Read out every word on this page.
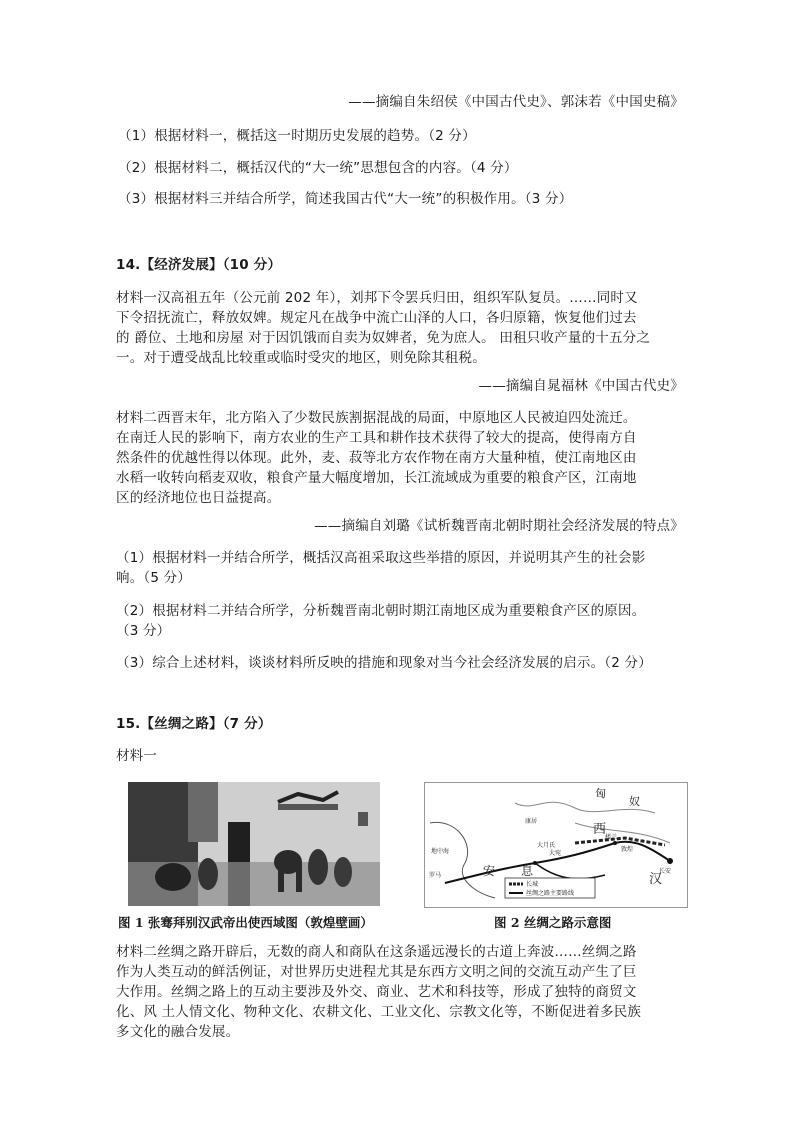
——摘编自朱绍侯《中国古代史》、郭沫若《中国史稿》
（1）根据材料一，概括这一时期历史发展的趋势。（2 分）
（2）根据材料二，概括汉代的“大一统”思想包含的内容。（4 分）
（3）根据材料三并结合所学，简述我国古代“大一统”的积极作用。（3 分）
14.【经济发展】（10 分）
材料一汉高祖五年（公元前 202 年），刘邦下令罢兵归田，组织军队复员。……同时又
下令招抚流亡，释放奴婢。规定凡在战争中流亡山泽的人口，各归原籍，恢复他们过去
的 爵位、土地和房屋 对于因饥饿而自卖为奴婢者，免为庶人。 田租只收产量的十五分之
一。对于遭受战乱比较重或临时受灾的地区，则免除其租税。
——摘编自晁福林《中国古代史》
材料二西晋末年，北方陷入了少数民族割据混战的局面，中原地区人民被迫四处流迁。
在南迁人民的影响下，南方农业的生产工具和耕作技术获得了较大的提高，使得南方自
然条件的优越性得以体现。此外，麦、菽等北方农作物在南方大量种植，使江南地区由
水稻一收转向稻麦双收，粮食产量大幅度增加，长江流域成为重要的粮食产区，江南地
区的经济地位也日益提高。
——摘编自刘璐《试析魏晋南北朝时期社会经济发展的特点》
（1）根据材料一并结合所学，概括汉高祖采取这些举措的原因，并说明其产生的社会影
响。（5 分）
（2）根据材料二并结合所学，分析魏晋南北朝时期江南地区成为重要粮食产区的原因。
（3 分）
（3）综合上述材料，谈谈材料所反映的措施和现象对当今社会经济发展的启示。（2 分）
15.【丝绸之路】（7 分）
材料一
图 1 张骞拜别汉武帝出使西域图（敦煌壁画）
匈
奴
西
汉
安 息	长安
敦煌
楼兰
大宛
康居
大月氏
地中海
罗马
长城
丝绸之路主要路线
图 2 丝绸之路示意图
材料二丝绸之路开辟后，无数的商人和商队在这条遥远漫长的古道上奔波……丝绸之路
作为人类互动的鲜活例证，对世界历史进程尤其是东西方文明之间的交流互动产生了巨
大作用。丝绸之路上的互动主要涉及外交、商业、艺术和科技等，形成了独特的商贸文
化、风 土人情文化、物种文化、农耕文化、工业文化、宗教文化等，不断促进着多民族
多文化的融合发展。
